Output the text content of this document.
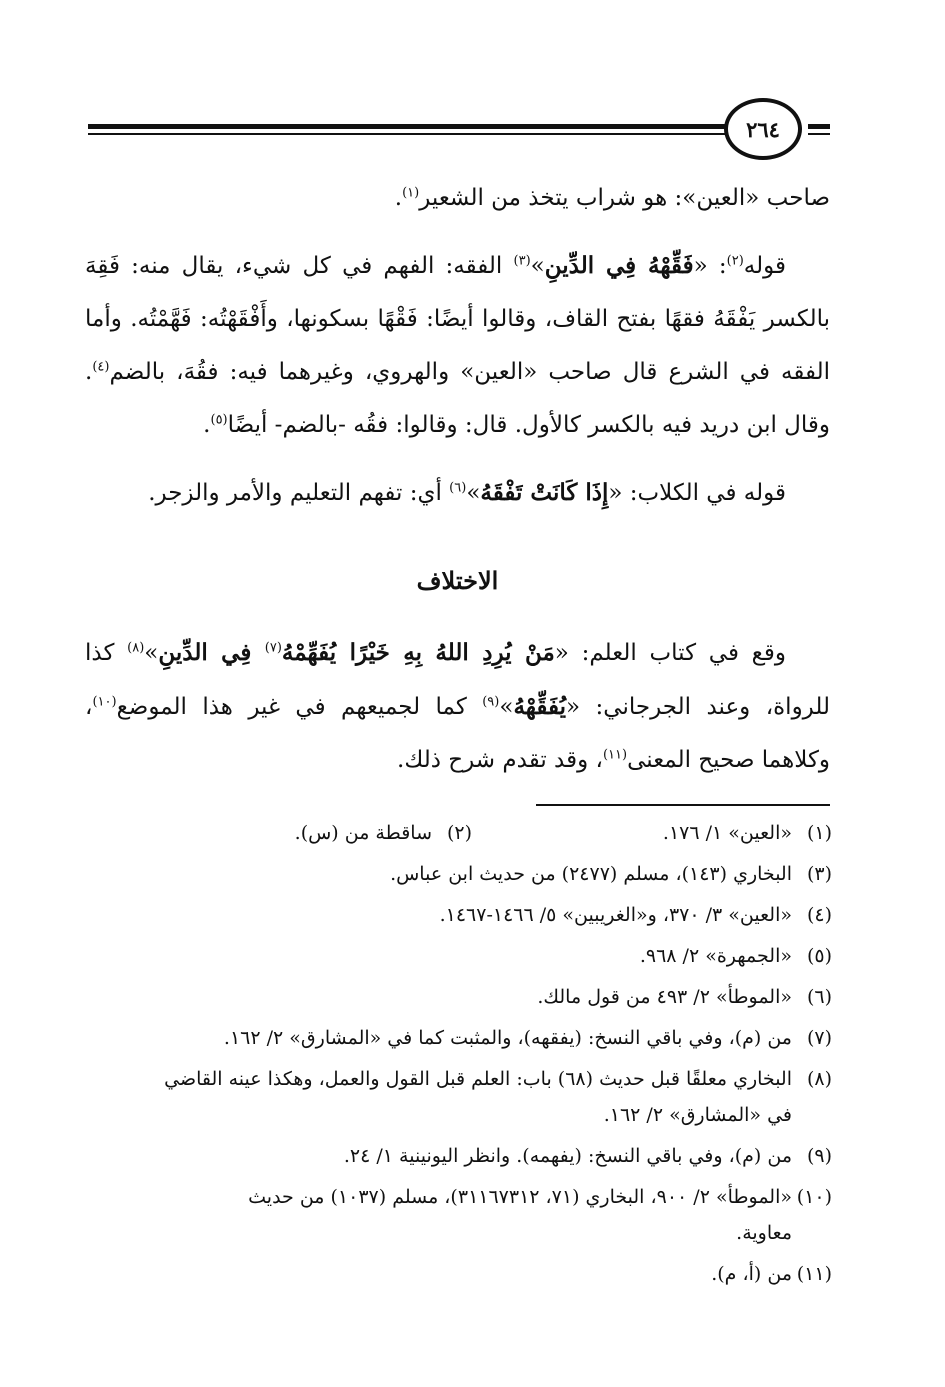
٢٦٤

صاحب «العين»: هو شراب يتخذ من الشعير$^{(١)}$.

قوله$^{(٢)}$: «فَقِّهْهُ فِي الدِّينِ»$^{(٣)}$ الفقه: الفهم في كل شيء، يقال منه: فَقِهَ بالكسر يَفْقَهُ فقهًا بفتح القاف، وقالوا أيضًا: فَقْهًا بسكونها، وأَفْقَهْتُه: فَهَّمْتُه. وأما الفقه في الشرع قال صاحب «العين» والهروي، وغيرهما فيه: فقُهَ، بالضم$^{(٤)}$. وقال ابن دريد فيه بالكسر كالأول. قال: وقالوا: فقُه -بالضم- أيضًا$^{(٥)}$.

قوله في الكلاب: «إِذَا كَانَتْ تَفْقَهُ»$^{(٦)}$ أي: تفهم التعليم والأمر والزجر.

الاختلاف

وقع في كتاب العلم: «مَنْ يُرِدِ اللهُ بِهِ خَيْرًا يُفَهِّمْهُ$^{(٧)}$ فِي الدِّينِ»$^{(٨)}$ كذا للرواة، وعند الجرجاني: «يُفَقِّهْهُ»$^{(٩)}$ كما لجميعهم في غير هذا الموضع$^{(١٠)}$، وكلاهما صحيح المعنى$^{(١١)}$، وقد تقدم شرح ذلك.

(١)«العين» ١/ ١٧٦.
(٢)ساقطة من (س).

(٣)البخاري (١٤٣)، مسلم (٢٤٧٧) من حديث ابن عباس.

(٤)«العين» ٣/ ٣٧٠، و«الغريبين» ٥/ ١٤٦٦-١٤٦٧.

(٥)«الجمهرة» ٢/ ٩٦٨.

(٦)«الموطأ» ٢/ ٤٩٣ من قول مالك.

(٧)من (م)، وفي باقي النسخ: (يفقهه)، والمثبت كما في «المشارق» ٢/ ١٦٢.

(٨)البخاري معلقًا قبل حديث (٦٨) باب: العلم قبل القول والعمل، وهكذا عينه القاضي
في «المشارق» ٢/ ١٦٢.

(٩)من (م)، وفي باقي النسخ: (يفهمه). وانظر اليونينية ١/ ٢٤.

(١٠)«الموطأ» ٢/ ٩٠٠، البخاري (٧١، ٣١١٦٧٣١٢)، مسلم (١٠٣٧) من حديث
معاوية.

(١١)من (أ، م).
